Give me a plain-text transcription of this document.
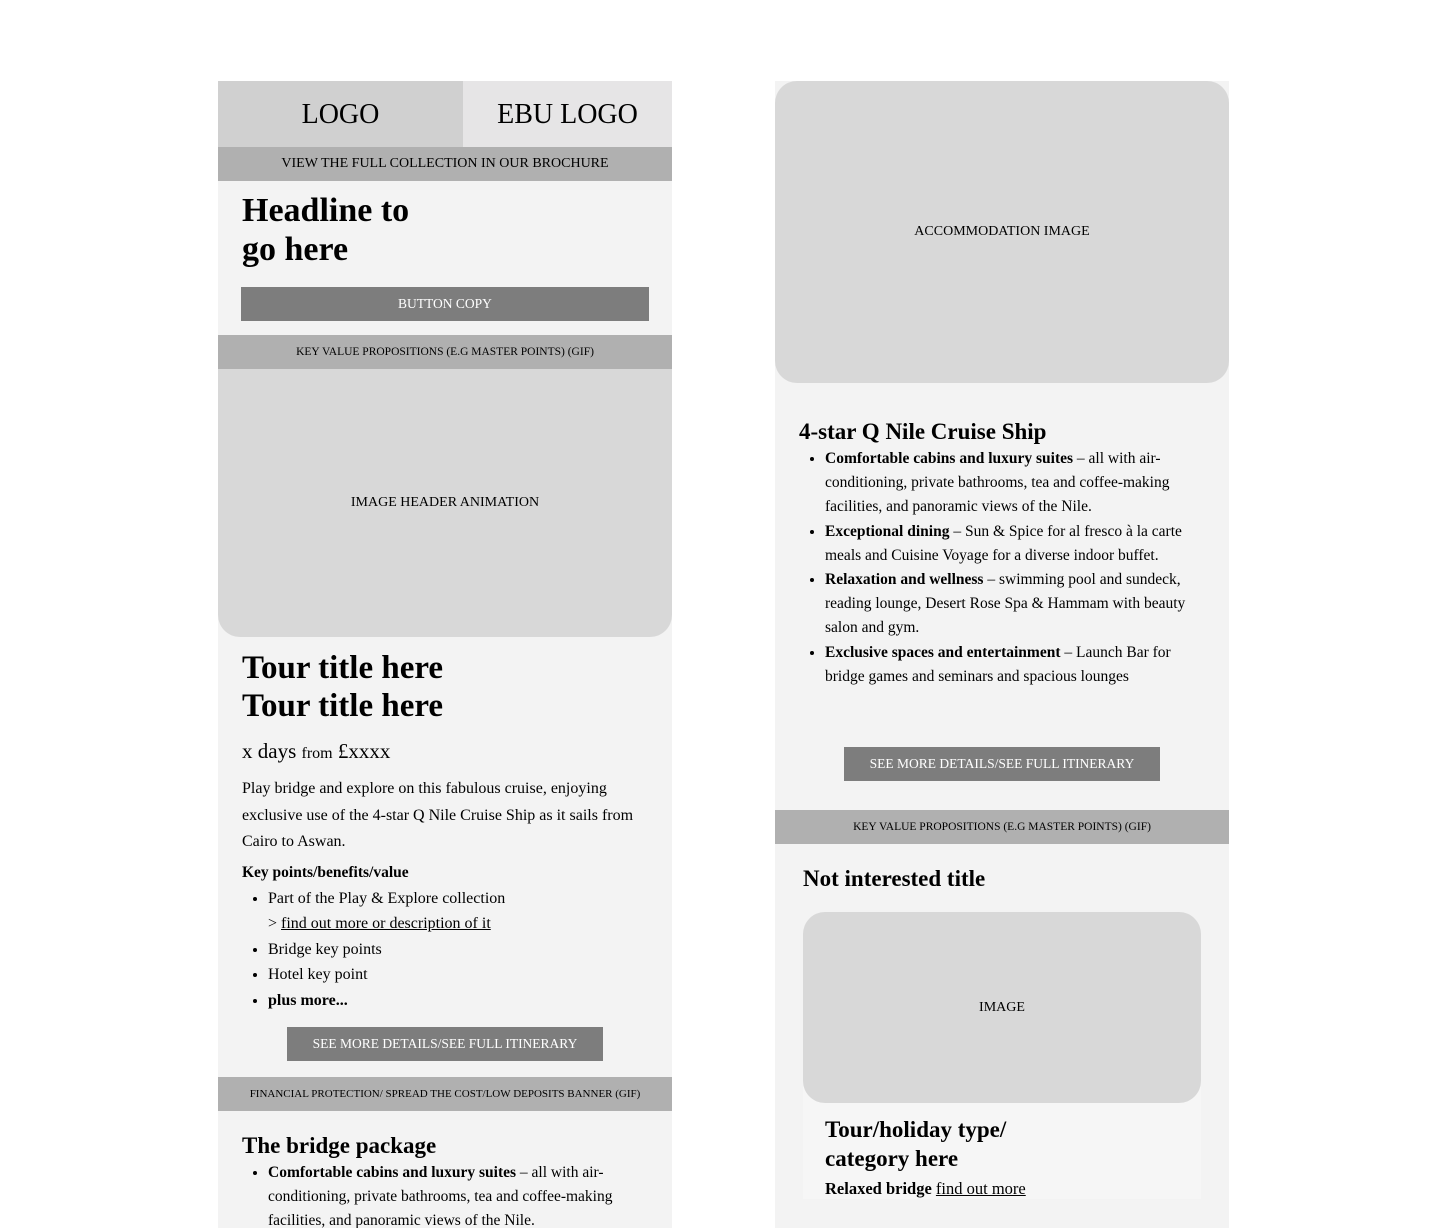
LOGO	EBU LOGO
VIEW THE FULL COLLECTION IN OUR BROCHURE
Headline to
go here
BUTTON COPY
KEY VALUE PROPOSITIONS (E.G MASTER POINTS) (GIF)
IMAGE HEADER ANIMATION
Tour title here
Tour title here
x days from £xxxx
Play bridge and explore on this fabulous cruise, enjoying exclusive use of the 4-star Q Nile Cruise Ship as it sails from Cairo to Aswan.
Key points/benefits/value
• Part of the Play & Explore collection
> find out more or description of it
• Bridge key points
• Hotel key point
• plus more...
SEE MORE DETAILS/SEE FULL ITINERARY
FINANCIAL PROTECTION/ SPREAD THE COST/LOW DEPOSITS BANNER (GIF)
The bridge package
• Comfortable cabins and luxury suites – all with air-conditioning, private bathrooms, tea and coffee-making facilities, and panoramic views of the Nile.
ACCOMMODATION IMAGE
4-star Q Nile Cruise Ship
• Comfortable cabins and luxury suites – all with air-conditioning, private bathrooms, tea and coffee-making facilities, and panoramic views of the Nile.
• Exceptional dining – Sun & Spice for al fresco à la carte meals and Cuisine Voyage for a diverse indoor buffet.
• Relaxation and wellness – swimming pool and sundeck, reading lounge, Desert Rose Spa & Hammam with beauty salon and gym.
• Exclusive spaces and entertainment – Launch Bar for bridge games and seminars and spacious lounges
SEE MORE DETAILS/SEE FULL ITINERARY
KEY VALUE PROPOSITIONS (E.G MASTER POINTS) (GIF)
Not interested title
IMAGE
Tour/holiday type/
category here
Relaxed bridge find out more
